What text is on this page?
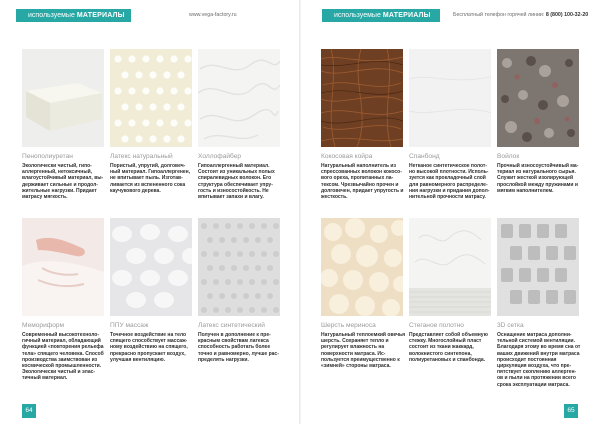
используемые МАТЕРИАЛЫ	www.vega-factory.ru
Пенополиуретан
Экологически чистый, гипо-аллергенный, нетоксичный, влагоустойчивый материал, вы-держивает сильные и продол-жительные нагрузки. Придает матрасу мягкость.
Латекс натуральный
Пористый, упругий, долговеч-ный материал. Гипоаллергенен, не впитывает пыль. Изготав-ливается из вспененного сока каучукового дерева.
Холлофайбер
Гипоаллергенный материал. Состоит из уникальных полых спиралевидных волокон. Его структура обеспечивает упру-гость и износостойкость. Не впитывает запахи и влагу.
Мемориформ
Современный высокотехноло-гичный материал, обладающий функцией «повторения рельефа тела» спящего человека. Способ производства заимствован из космической промышленности. Экологически чистый и элас-тичный материал.
ППУ массаж
Точечное воздействие на тело спящего способствует массаж-ному воздействию на спящего, прекрасно пропускает воздух, улучшая вентиляцию.
Латекс синтетический
Получен в дополнение к пре-красным свойствам латекса способность работать более точно и равномерно, лучше рас-пределять нагрузки.
64
используемые МАТЕРИАЛЫ	Бесплатный телефон горячей линии: 8 (800) 100-32-20
Кокосовая койра
Натуральный наполнитель из спрессованных волокон кокосо-вого ореха, пропитанных ла-тексом. Чрезвычайно прочен и долговечен, придает упругость и жесткость.
Спанбонд
Нетканое синтетическое полот-но высокой плотности. Исполь-зуется как прокладочный слой для равномерного распределе-ния нагрузки и придания допол-нительной прочности матрасу.
Войлок
Прочный износоустойчивый ма-териал из натурального сырья. Служит жесткой изолирующей прослойкой между пружинами и мягким наполнителем.
Шерсть мериноса
Натуральный теплоемкий овечья шерсть. Сохраняет тепло и регулирует влажность на поверхности матраса. Ис-пользуется преимущественно к «зимней» стороны матраса.
Стеганое полотно
Представляет собой объемную стежку. Многослойный пласт состоит из ткани жаккард, волокнистого синтепона, полиуретановых и спанбонда.
3D сетка
Оснащение матраса дополни-тельной системой вентиляции. Благодаря этому во время сна от ваших движений внутри матраса происходит постоянная циркуляция воздуха, что пре-пятствует скоплению аллерген-ов и пыли на протяжении всего срока эксплуатации матраса.
65
